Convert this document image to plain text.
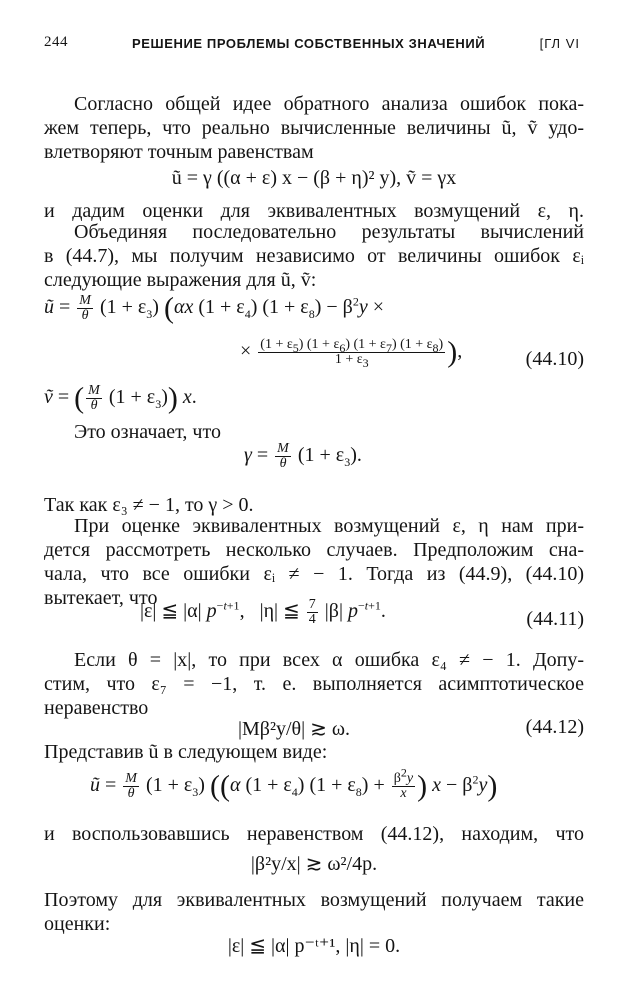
244	РЕШЕНИЕ ПРОБЛЕМЫ СОБСТВЕННЫХ ЗНАЧЕНИЙ	[ГЛ VI
Согласно общей идее обратного анализа ошибок пока-
жем теперь, что реально вычисленные величины ũ, ṽ удо-
влетворяют точным равенствам
ũ = γ ((α + ε) x − (β + η)² y), ṽ = γx
и дадим оценки для эквивалентных возмущений ε, η.
Объединяя последовательно результаты вычислений
в (44.7), мы получим независимо от величины ошибок εᵢ
следующие выражения для ũ, ṽ:
ũ = $\frac{M}{\theta} (1 + \varepsilon_3)$ (αx $(1 + \varepsilon_4)$ $(1 + \varepsilon_8) - \beta^2y$ ×
× $\frac{(1 + \varepsilon_5) (1 + \varepsilon_6) (1 + \varepsilon_7) (1 + \varepsilon_8)}{1 + \varepsilon_3}$ ),	(44.10)
ṽ = ( $\frac{M}{\theta} (1 + \varepsilon_3)$) x.
Это означает, что
$\gamma = \frac{M}{\theta} (1 + \varepsilon_3)$.
Так как ε₃ ≠ − 1, то γ > 0.
При оценке эквивалентных возмущений ε, η нам при-
дется рассмотреть несколько случаев. Предположим сна-
чала, что все ошибки εᵢ ≠ − 1. Тогда из (44.9), (44.10)
вытекает, что
|ε| ≦ |α| $p^{-t+1}$,   |η| ≦ $\frac{7}{4} |\beta|$ $p^{-t+1}$.	(44.11)
Если θ = |x|, то при всех α ошибка ε₄ ≠ − 1. Допу-
стим, что ε₇ = −1, т. е. выполняется асимптотическое
неравенство
|Mβ²y/θ| ≳ ω.	(44.12)
Представив ũ в следующем виде:
ũ = $\frac{M}{\theta} (1 + \varepsilon_3)$ ((α $(1 + \varepsilon_4)$ $(1 + \varepsilon_8) + \frac{\beta^2y}{x}$ ) $x - \beta^2y$)
и воспользовавшись неравенством (44.12), находим, что
|β²y/x| ≳ ω²/4p.
Поэтому для эквивалентных возмущений получаем такие
оценки:
|ε| ≦ |α| p⁻ᵗ⁺¹, |η| = 0.
